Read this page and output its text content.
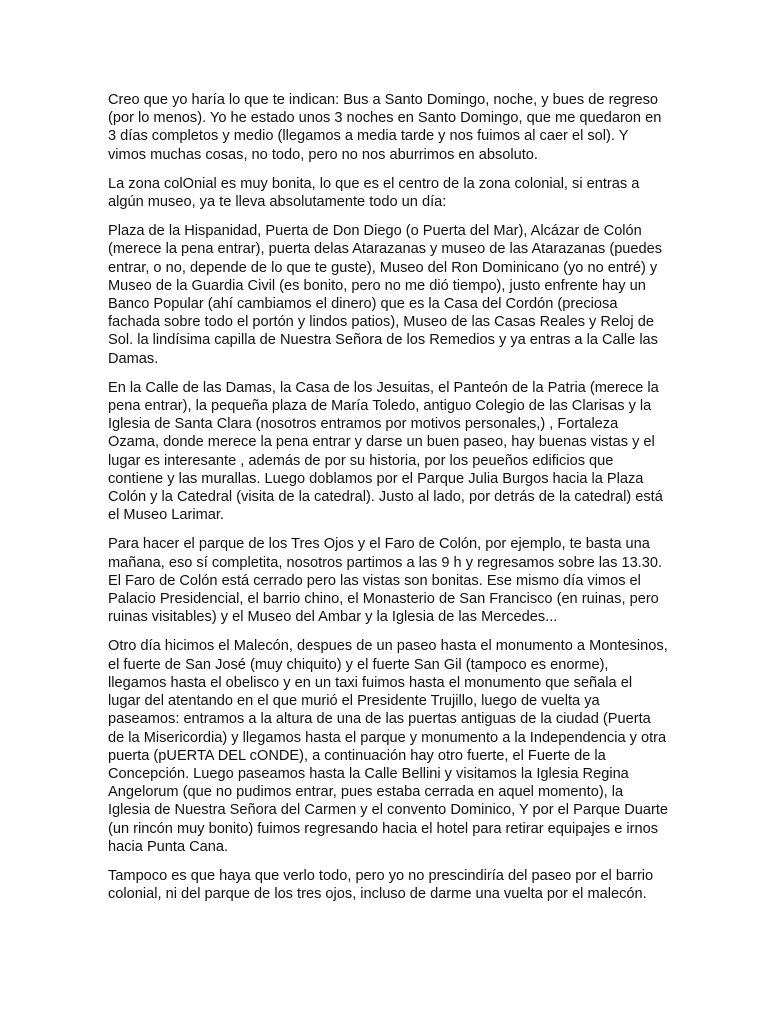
Creo que yo haría lo que te indican: Bus a Santo Domingo, noche, y bues de regreso (por lo menos). Yo he estado unos 3 noches en Santo Domingo, que me quedaron en 3 días completos y medio (llegamos a media tarde y nos fuimos al caer el sol). Y vimos muchas cosas, no todo, pero no nos aburrimos en absoluto.

La zona colOnial es muy bonita, lo que es el centro de la zona colonial, si entras a algún museo, ya te lleva absolutamente todo un día:

Plaza de la Hispanidad, Puerta de Don Diego (o Puerta del Mar), Alcázar de Colón (merece la pena entrar), puerta delas Atarazanas y museo de las Atarazanas (puedes entrar, o no, depende de lo que te guste), Museo del Ron Dominicano (yo no entré) y Museo de la Guardia Civil (es bonito, pero no me dió tiempo), justo enfrente hay un Banco Popular (ahí cambiamos el dinero) que es la Casa del Cordón (preciosa fachada sobre todo el portón y lindos patios), Museo de las Casas Reales y Reloj de Sol. la lindísima capilla de Nuestra Señora de los Remedios y ya entras a la Calle las Damas.

En la Calle de las Damas, la Casa de los Jesuitas, el Panteón de la Patria (merece la pena entrar), la pequeña plaza de María Toledo, antiguo Colegio de las Clarisas y la Iglesia de Santa Clara (nosotros entramos por motivos personales,) , Fortaleza Ozama, donde merece la pena entrar y darse un buen paseo, hay buenas vistas y el lugar es interesante , además de por su historia, por los peueños edificios que contiene y las murallas. Luego doblamos por el Parque Julia Burgos hacia la Plaza Colón y la Catedral (visita de la catedral). Justo al lado, por detrás de la catedral) está el Museo Larimar.

Para hacer el parque de los Tres Ojos y el Faro de Colón, por ejemplo, te basta una mañana, eso sí completita, nosotros partimos a las 9 h y regresamos sobre las 13.30. El Faro de Colón está cerrado pero las vistas son bonitas. Ese mismo día vimos el Palacio Presidencial, el barrio chino, el Monasterio de San Francisco (en ruinas, pero ruinas visitables) y el Museo del Ambar y la Iglesia de las Mercedes...

Otro día hicimos el Malecón, despues de un paseo hasta el monumento a Montesinos, el fuerte de San José (muy chiquito) y el fuerte San Gil (tampoco es enorme), llegamos hasta el obelisco y en un taxi fuimos hasta el monumento que señala el lugar del atentando en el que murió el Presidente Trujillo, luego de vuelta ya paseamos: entramos a la altura de una de las puertas antiguas de la ciudad (Puerta de la Misericordia) y llegamos hasta el parque y monumento a la Independencia y otra puerta (pUERTA DEL cONDE), a continuación hay otro fuerte, el Fuerte de la Concepción. Luego paseamos hasta la Calle Bellini y visitamos la Iglesia Regina Angelorum (que no pudimos entrar, pues estaba cerrada en aquel momento), la Iglesia de Nuestra Señora del Carmen y el convento Dominico, Y por el Parque Duarte (un rincón muy bonito) fuimos regresando hacia el hotel para retirar equipajes e irnos hacia Punta Cana.

Tampoco es que haya que verlo todo, pero yo no prescindiría del paseo por el barrio colonial, ni del parque de los tres ojos, incluso de darme una vuelta por el malecón.
